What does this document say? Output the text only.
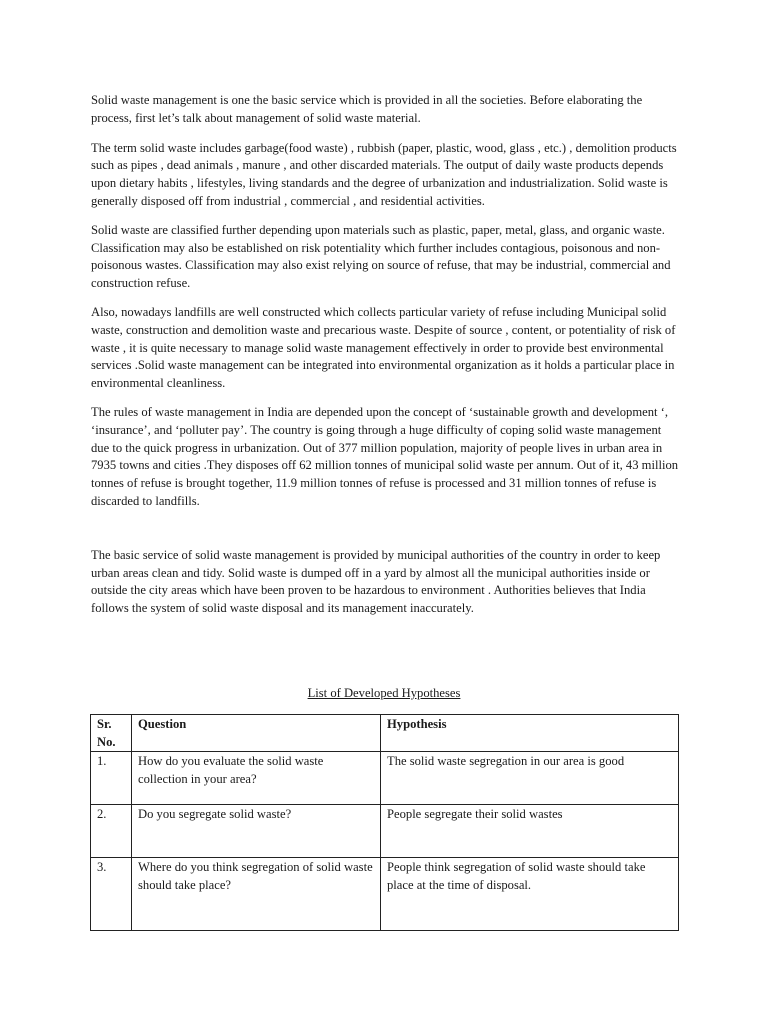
Solid waste management is one the basic service which is provided in all the societies. Before elaborating the process, first let’s talk about management of solid waste material.

The term solid waste includes garbage(food waste) , rubbish (paper, plastic, wood, glass , etc.) , demolition products such as pipes , dead animals , manure , and other discarded materials. The output of daily waste products depends upon dietary habits , lifestyles, living standards and the degree of urbanization and industrialization. Solid waste is generally disposed off from industrial , commercial , and residential activities.

Solid waste are classified further depending upon materials such as plastic, paper, metal, glass, and organic waste. Classification may also be established on risk potentiality which further includes contagious, poisonous and non- poisonous wastes. Classification may also exist relying on source of refuse, that may be industrial, commercial and construction refuse.

Also, nowadays landfills are well constructed which collects particular variety of refuse including Municipal solid waste, construction and demolition waste and precarious waste. Despite of source , content, or potentiality of risk of waste , it is quite necessary to manage solid waste management effectively in order to provide best environmental services .Solid waste management can be integrated into environmental organization as it holds a particular place in environmental cleanliness.

The rules of waste management in India are depended upon the concept of ‘sustainable growth and development ‘, ‘insurance’, and ‘polluter pay’. The country is going through a huge difficulty of coping solid waste management due to the quick progress in urbanization. Out of 377 million population, majority of people lives in urban area in 7935 towns and cities .They disposes off 62 million tonnes of municipal solid waste per annum. Out of it, 43 million tonnes of refuse is brought together, 11.9 million tonnes of refuse is processed and 31 million tonnes of refuse is discarded to landfills.

The basic service of solid waste management is provided by municipal authorities of the country in order to keep urban areas clean and tidy. Solid waste is dumped off in a yard by almost all the municipal authorities inside or outside the city areas which have been proven to be hazardous to environment . Authorities believes that India follows the system of solid waste disposal and its management inaccurately.

List of Developed Hypotheses
Sr. No.	Question	Hypothesis
1.	How do you evaluate the solid waste collection in your area?	The solid waste segregation in our area is good
2.	Do you segregate solid waste?	People segregate their solid wastes
3.	Where do you think segregation of solid waste should take place?	People think segregation of solid waste should take place at the time of disposal.
